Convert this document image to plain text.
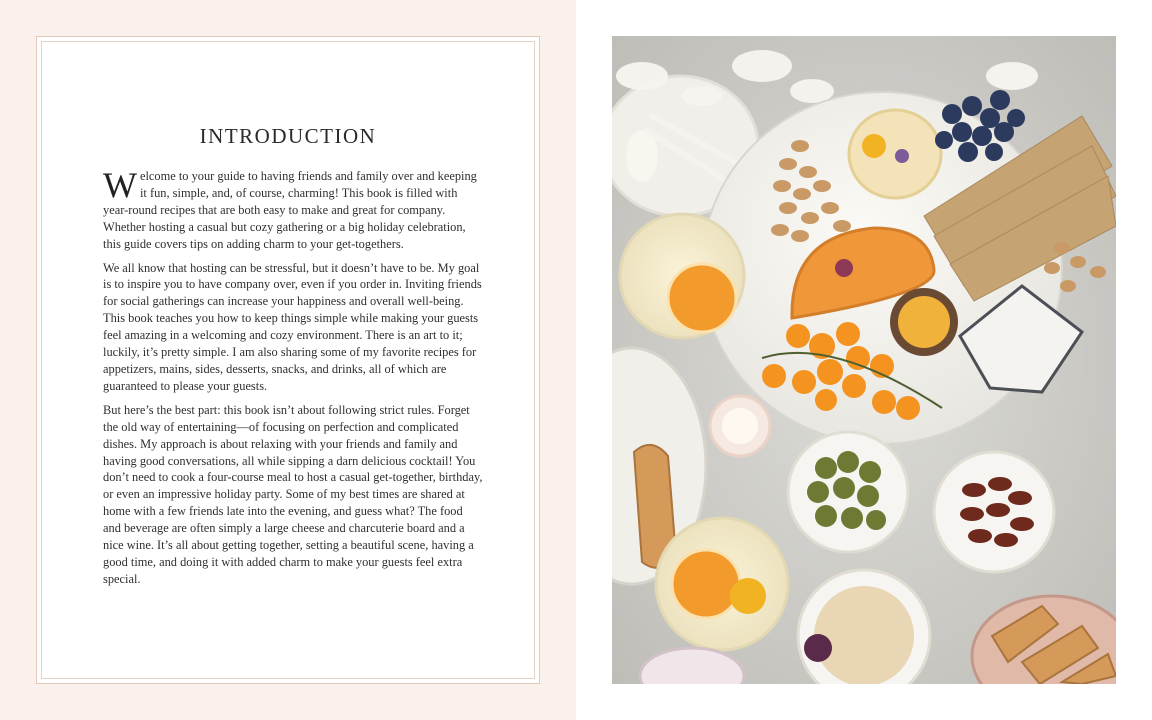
INTRODUCTION

Welcome to your guide to having friends and family over and keeping it fun, simple, and, of course, charming! This book is filled with year-round recipes that are both easy to make and great for company. Whether hosting a casual but cozy gathering or a big holiday celebration, this guide covers tips on adding charm to your get-togethers.

We all know that hosting can be stressful, but it doesn’t have to be. My goal is to inspire you to have company over, even if you order in. Inviting friends for social gatherings can increase your happiness and overall well-being. This book teaches you how to keep things simple while making your guests feel amazing in a welcoming and cozy environment. There is an art to it; luckily, it’s pretty simple. I am also sharing some of my favorite recipes for appetizers, mains, sides, desserts, snacks, and drinks, all of which are guaranteed to please your guests.

But here’s the best part: this book isn’t about following strict rules. Forget the old way of entertaining—of focusing on perfection and complicated dishes. My approach is about relaxing with your friends and family and having good conversations, all while sipping a darn delicious cocktail! You don’t need to cook a four-course meal to host a casual get-together, birthday, or even an impressive holiday party. Some of my best times are shared at home with a few friends late into the evening, and guess what? The food and beverage are often simply a large cheese and charcuterie board and a nice wine. It’s all about getting together, setting a beautiful scene, having a good time, and doing it with added charm to make your guests feel extra special.
